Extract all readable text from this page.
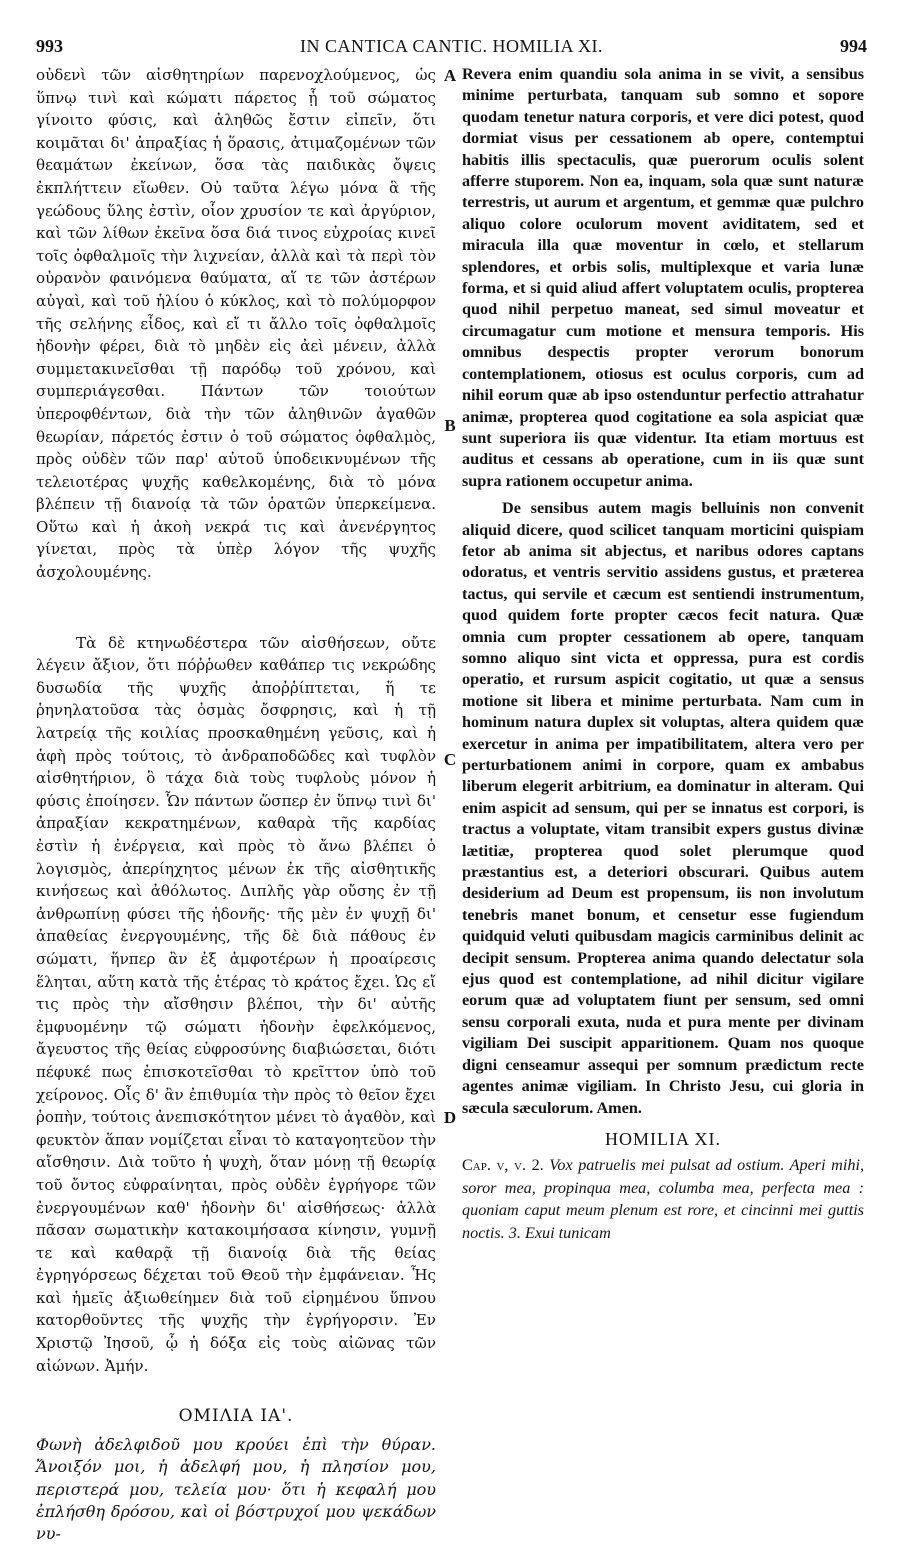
993	IN CANTICA CANTIC. HOMILIA XI.	994

οὐδενὶ τῶν αἰσθητηρίων παρενοχλούμενος, ὡς ὕπνῳ τινὶ καὶ κώματι πάρετος ᾗ τοῦ σώματος γίνοιτο φύσις, καὶ ἀληθῶς ἔστιν εἰπεῖν, ὅτι κοιμᾶται δι' ἀπραξίας ἡ ὅρασις, ἀτιμαζομένων τῶν θεαμάτων ἐκείνων, ὅσα τὰς παιδικὰς ὄψεις ἐκπλήττειν εἴωθεν. Οὐ ταῦτα λέγω μόνα ἃ τῆς γεώδους ὕλης ἐστὶν, οἷον χρυσίον τε καὶ ἀργύριον, καὶ τῶν λίθων ἐκεῖνα ὅσα διά τινος εὐχροίας κινεῖ τοῖς ὀφθαλμοῖς τὴν λιχνείαν, ἀλλὰ καὶ τὰ περὶ τὸν οὐρανὸν φαινόμενα θαύματα, αἵ τε τῶν ἀστέρων αὐγαὶ, καὶ τοῦ ἡλίου ὁ κύκλος, καὶ τὸ πολύμορφον τῆς σελήνης εἶδος, καὶ εἴ τι ἄλλο τοῖς ὀφθαλμοῖς ἡδονὴν φέρει, διὰ τὸ μηδὲν εἰς ἀεὶ μένειν, ἀλλὰ συμμετακινεῖσθαι τῇ παρόδῳ τοῦ χρόνου, καὶ συμπεριάγεσθαι. Πάντων τῶν τοιούτων ὑπεροφθέντων, διὰ τὴν τῶν ἀληθινῶν ἀγαθῶν θεωρίαν, πάρετός ἐστιν ὁ τοῦ σώματος ὀφθαλμὸς, πρὸς οὐδὲν τῶν παρ' αὐτοῦ ὑποδεικνυμένων τῆς τελειοτέρας ψυχῆς καθελκομένης, διὰ τὸ μόνα βλέπειν τῇ διανοίᾳ τὰ τῶν ὁρατῶν ὑπερκείμενα. Οὕτω καὶ ἡ ἀκοὴ νεκρά τις καὶ ἀνενέργητος γίνεται, πρὸς τὰ ὑπὲρ λόγον τῆς ψυχῆς ἀσχολουμένης.

Τὰ δὲ κτηνωδέστερα τῶν αἰσθήσεων, οὔτε λέγειν ἄξιον, ὅτι πόῤῥωθεν καθάπερ τις νεκρώδης δυσωδία τῆς ψυχῆς ἀποῤῥίπτεται, ἥ τε ῥηνηλατοῦσα τὰς ὀσμὰς ὄσφρησις, καὶ ἡ τῇ λατρείᾳ τῆς κοιλίας προσκαθημένη γεῦσις, καὶ ἡ ἁφὴ πρὸς τούτοις, τὸ ἀνδραποδῶδες καὶ τυφλὸν αἰσθητήριον, ὃ τάχα διὰ τοὺς τυφλοὺς μόνον ἡ φύσις ἐποίησεν. Ὧν πάντων ὥσπερ ἐν ὕπνῳ τινὶ δι' ἀπραξίαν κεκρατημένων, καθαρὰ τῆς καρδίας ἐστὶν ἡ ἐνέργεια, καὶ πρὸς τὸ ἄνω βλέπει ὁ λογισμὸς, ἀπερίηχητος μένων ἐκ τῆς αἰσθητικῆς κινήσεως καὶ ἀθόλωτος. Διπλῆς γὰρ οὔσης ἐν τῇ ἀνθρωπίνῃ φύσει τῆς ἡδονῆς· τῆς μὲν ἐν ψυχῇ δι' ἀπαθείας ἐνεργουμένης, τῆς δὲ διὰ πάθους ἐν σώματι, ἥνπερ ἂν ἐξ ἀμφοτέρων ἡ προαίρεσις ἕληται, αὕτη κατὰ τῆς ἑτέρας τὸ κράτος ἔχει. Ὡς εἴ τις πρὸς τὴν αἴσθησιν βλέποι, τὴν δι' αὐτῆς ἐμφυομένην τῷ σώματι ἡδονὴν ἐφελκόμενος, ἄγευστος τῆς θείας εὐφροσύνης διαβιώσεται, διότι πέφυκέ πως ἐπισκοτεῖσθαι τὸ κρεῖττον ὑπὸ τοῦ χείρονος. Οἷς δ' ἂν ἐπιθυμία τὴν πρὸς τὸ θεῖον ἔχει ῥοπὴν, τούτοις ἀνεπισκότητον μένει τὸ ἀγαθὸν, καὶ φευκτὸν ἅπαν νομίζεται εἶναι τὸ καταγοητεῦον τὴν αἴσθησιν. Διὰ τοῦτο ἡ ψυχὴ, ὅταν μόνῃ τῇ θεωρίᾳ τοῦ ὄντος εὐφραίνηται, πρὸς οὐδὲν ἐγρήγορε τῶν ἐνεργουμένων καθ' ἡδονὴν δι' αἰσθήσεως· ἀλλὰ πᾶσαν σωματικὴν κατακοιμήσασα κίνησιν, γυμνῇ τε καὶ καθαρᾷ τῇ διανοίᾳ διὰ τῆς θείας ἐγρηγόρσεως δέχεται τοῦ Θεοῦ τὴν ἐμφάνειαν. Ἧς καὶ ἡμεῖς ἀξιωθείημεν διὰ τοῦ εἰρημένου ὕπνου κατορθοῦντες τῆς ψυχῆς τὴν ἐγρήγορσιν. Ἐν Χριστῷ Ἰησοῦ, ᾧ ἡ δόξα εἰς τοὺς αἰῶνας τῶν αἰώνων. Ἀμήν.

ΟΜΙΛΙΑ ΙΑ'.

Φωνὴ ἀδελφιδοῦ μου κρούει ἐπὶ τὴν θύραν. Ἄνοιξόν μοι, ἡ ἀδελφή μου, ἡ πλησίον μου, περιστερά μου, τελεία μου· ὅτι ἡ κεφαλή μου ἐπλήσθη δρόσου, καὶ οἱ βόστρυχοί μου ψεκάδων νυ-

Revera enim quandiu sola anima in se vivit, a sensibus minime perturbata, tanquam sub somno et sopore quodam tenetur natura corporis, et vere dici potest, quod dormiat visus per cessationem ab opere, contemptui habitis illis spectaculis, quæ puerorum oculis solent afferre stuporem. Non ea, inquam, sola quæ sunt naturæ terrestris, ut aurum et argentum, et gemmæ quæ pulchro aliquo colore oculorum movent aviditatem, sed et miracula illa quæ moventur in cœlo, et stellarum splendores, et orbis solis, multiplexque et varia lunæ forma, et si quid aliud affert voluptatem oculis, propterea quod nihil perpetuo maneat, sed simul moveatur et circumagatur cum motione et mensura temporis. His omnibus despectis propter verorum bonorum contemplationem, otiosus est oculus corporis, cum ad nihil eorum quæ ab ipso ostenduntur perfectio attrahatur animæ, propterea quod cogitatione ea sola aspiciat quæ sunt superiora iis quæ videntur. Ita etiam mortuus est auditus et cessans ab operatione, cum in iis quæ sunt supra rationem occupetur anima.

De sensibus autem magis belluinis non convenit aliquid dicere, quod scilicet tanquam morticini quispiam fetor ab anima sit abjectus, et naribus odores captans odoratus, et ventris servitio assidens gustus, et præterea tactus, qui servile et cæcum est sentiendi instrumentum, quod quidem forte propter cæcos fecit natura. Quæ omnia cum propter cessationem ab opere, tanquam somno aliquo sint victa et oppressa, pura est cordis operatio, et rursum aspicit cogitatio, ut quæ a sensus motione sit libera et minime perturbata. Nam cum in hominum natura duplex sit voluptas, altera quidem quæ exercetur in anima per impatibilitatem, altera vero per perturbationem animi in corpore, quam ex ambabus liberum elegerit arbitrium, ea dominatur in alteram. Qui enim aspicit ad sensum, qui per se innatus est corpori, is tractus a voluptate, vitam transibit expers gustus divinæ lætitiæ, propterea quod solet plerumque quod præstantius est, a deteriori obscurari. Quibus autem desiderium ad Deum est propensum, iis non involutum tenebris manet bonum, et censetur esse fugiendum quidquid veluti quibusdam magicis carminibus delinit ac decipit sensum. Propterea anima quando delectatur sola ejus quod est contemplatione, ad nihil dicitur vigilare eorum quæ ad voluptatem fiunt per sensum, sed omni sensu corporali exuta, nuda et pura mente per divinam vigiliam Dei suscipit apparitionem. Quam nos quoque digni censeamur assequi per somnum prædictum recte agentes animæ vigiliam. In Christo Jesu, cui gloria in sæcula sæculorum. Amen.

HOMILIA XI.

Cap. v, v. 2. Vox patruelis mei pulsat ad ostium. Aperi mihi, soror mea, propinqua mea, columba mea, perfecta mea : quoniam caput meum plenum est rore, et cincinni mei guttis noctis. 3. Exui tunicam

A
B
C
D
